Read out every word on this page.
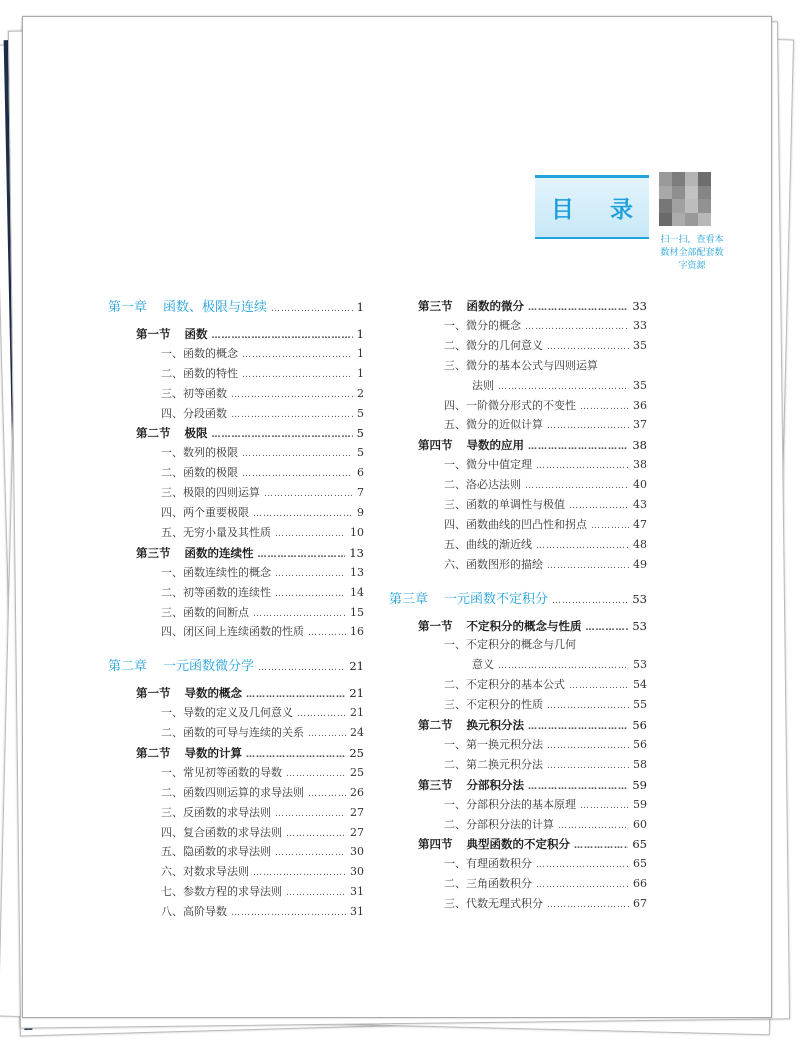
目 录
扫一扫，查看本数材全部配套数字资源
第一章 函数、极限与连续 ……………………………………………………………………………………………………………………………	1
第一节 函数 ……………………………………………………………………………………………………………………………	1
一、函数的概念 ……………………………………………………………………………………………………………………………	1
二、函数的特性 ……………………………………………………………………………………………………………………………	1
三、初等函数 ……………………………………………………………………………………………………………………………	2
四、分段函数 ……………………………………………………………………………………………………………………………	5
第二节 极限 ……………………………………………………………………………………………………………………………	5
一、数列的极限 ……………………………………………………………………………………………………………………………	5
二、函数的极限 ……………………………………………………………………………………………………………………………	6
三、极限的四则运算 ……………………………………………………………………………………………………………………………	7
四、两个重要极限 ……………………………………………………………………………………………………………………………	9
五、无穷小量及其性质 ……………………………………………………………………………………………………………………………	10
第三节 函数的连续性 ……………………………………………………………………………………………………………………………	13
一、函数连续性的概念 ……………………………………………………………………………………………………………………………	13
二、初等函数的连续性 ……………………………………………………………………………………………………………………………	14
三、函数的间断点 ……………………………………………………………………………………………………………………………	15
四、闭区间上连续函数的性质 ……………………………………………………………………………………………………………………………	16
第二章 一元函数微分学 ……………………………………………………………………………………………………………………………	21
第一节 导数的概念 ……………………………………………………………………………………………………………………………	21
一、导数的定义及几何意义 ……………………………………………………………………………………………………………………………	21
二、函数的可导与连续的关系 ……………………………………………………………………………………………………………………………	24
第二节 导数的计算 ……………………………………………………………………………………………………………………………	25
一、常见初等函数的导数 ……………………………………………………………………………………………………………………………	25
二、函数四则运算的求导法则 ……………………………………………………………………………………………………………………………	26
三、反函数的求导法则 ……………………………………………………………………………………………………………………………	27
四、复合函数的求导法则 ……………………………………………………………………………………………………………………………	27
五、隐函数的求导法则 ……………………………………………………………………………………………………………………………	30
六、对数求导法则 ……………………………………………………………………………………………………………………………	30
七、参数方程的求导法则 ……………………………………………………………………………………………………………………………	31
八、高阶导数 ……………………………………………………………………………………………………………………………	31
第三节 函数的微分 ……………………………………………………………………………………………………………………………	33
一、微分的概念 ……………………………………………………………………………………………………………………………	33
二、微分的几何意义 ……………………………………………………………………………………………………………………………	35
三、微分的基本公式与四则运算
法则 ……………………………………………………………………………………………………………………………	35
四、一阶微分形式的不变性 ……………………………………………………………………………………………………………………………	36
五、微分的近似计算 ……………………………………………………………………………………………………………………………	37
第四节 导数的应用 ……………………………………………………………………………………………………………………………	38
一、微分中值定理 ……………………………………………………………………………………………………………………………	38
二、洛必达法则 ……………………………………………………………………………………………………………………………	40
三、函数的单调性与极值 ……………………………………………………………………………………………………………………………	43
四、函数曲线的凹凸性和拐点 ……………………………………………………………………………………………………………………………	47
五、曲线的渐近线 ……………………………………………………………………………………………………………………………	48
六、函数图形的描绘 ……………………………………………………………………………………………………………………………	49
第三章 一元函数不定积分 ……………………………………………………………………………………………………………………………	53
第一节 不定积分的概念与性质 ……………………………………………………………………………………………………………………………	53
一、不定积分的概念与几何
意义 ……………………………………………………………………………………………………………………………	53
二、不定积分的基本公式 ……………………………………………………………………………………………………………………………	54
三、不定积分的性质 ……………………………………………………………………………………………………………………………	55
第二节 换元积分法 ……………………………………………………………………………………………………………………………	56
一、第一换元积分法 ……………………………………………………………………………………………………………………………	56
二、第二换元积分法 ……………………………………………………………………………………………………………………………	58
第三节 分部积分法 ……………………………………………………………………………………………………………………………	59
一、分部积分法的基本原理 ……………………………………………………………………………………………………………………………	59
二、分部积分法的计算 ……………………………………………………………………………………………………………………………	60
第四节 典型函数的不定积分 ……………………………………………………………………………………………………………………………	65
一、有理函数积分 ……………………………………………………………………………………………………………………………	65
二、三角函数积分 ……………………………………………………………………………………………………………………………	66
三、代数无理式积分 ……………………………………………………………………………………………………………………………	67
